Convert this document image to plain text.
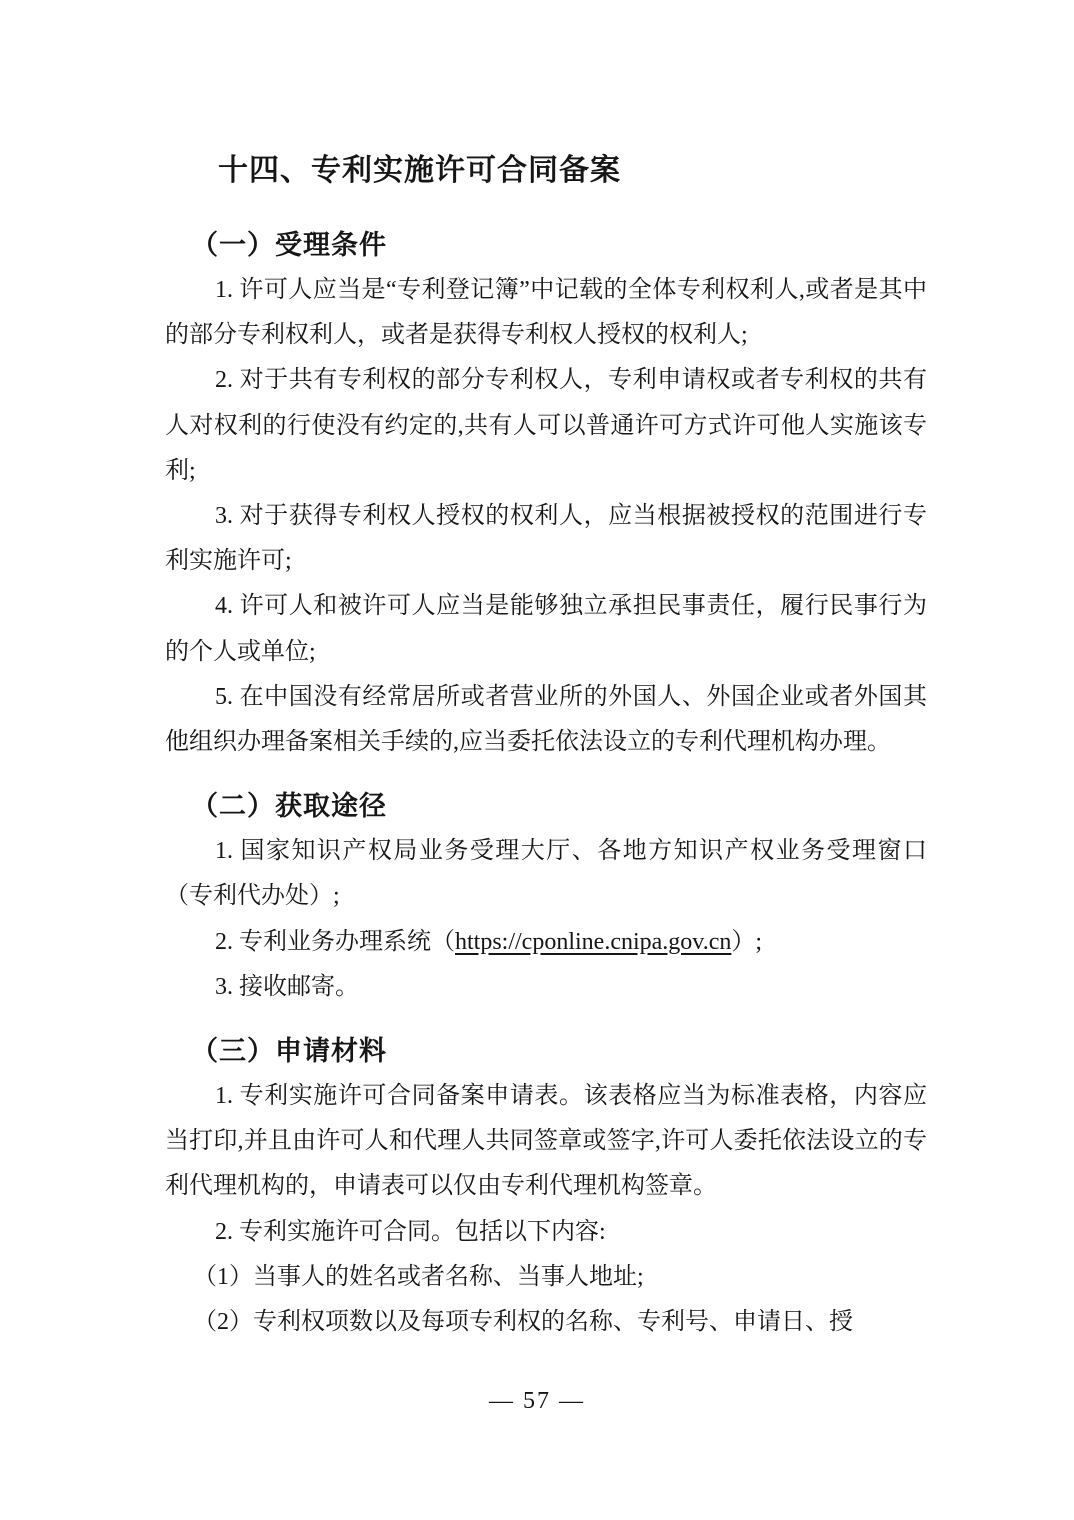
十四、专利实施许可合同备案
（一）受理条件

1. 许可人应当是“专利登记簿”中记载的全体专利权利人,或者是其中的部分专利权利人，或者是获得专利权人授权的权利人;

2. 对于共有专利权的部分专利权人，专利申请权或者专利权的共有人对权利的行使没有约定的,共有人可以普通许可方式许可他人实施该专利;

3. 对于获得专利权人授权的权利人，应当根据被授权的范围进行专利实施许可;

4. 许可人和被许可人应当是能够独立承担民事责任，履行民事行为的个人或单位;

5. 在中国没有经常居所或者营业所的外国人、外国企业或者外国其他组织办理备案相关手续的,应当委托依法设立的专利代理机构办理。

（二）获取途径

1. 国家知识产权局业务受理大厅、各地方知识产权业务受理窗口（专利代办处）;

2. 专利业务办理系统（https://cponline.cnipa.gov.cn）;

3. 接收邮寄。

（三）申请材料

1. 专利实施许可合同备案申请表。该表格应当为标准表格，内容应当打印,并且由许可人和代理人共同签章或签字,许可人委托依法设立的专利代理机构的，申请表可以仅由专利代理机构签章。

2. 专利实施许可合同。包括以下内容:

（1）当事人的姓名或者名称、当事人地址;

（2）专利权项数以及每项专利权的名称、专利号、申请日、授

— 57 —
